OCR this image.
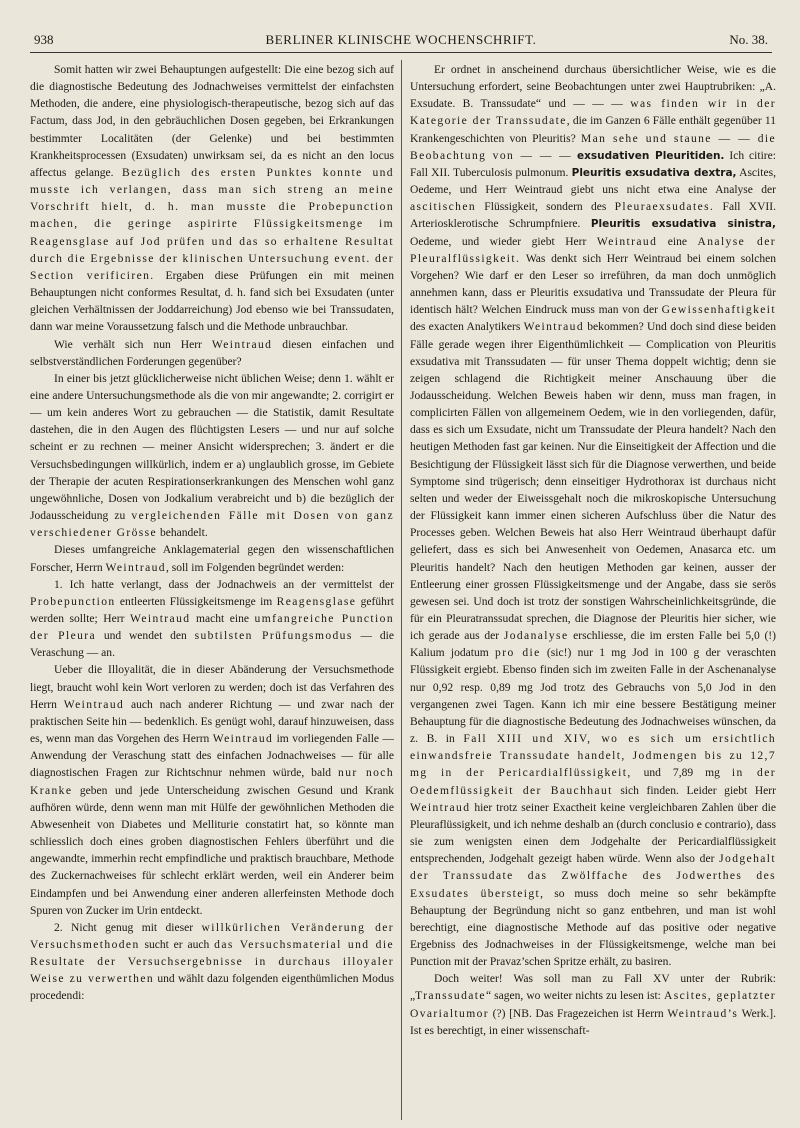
938	BERLINER KLINISCHE WOCHENSCHRIFT.	No. 38.

Somit hatten wir zwei Behauptungen aufgestellt: Die eine bezog sich auf die diagnostische Bedeutung des Jodnachweises vermittelst der einfachsten Methoden, die andere, eine physiologisch-therapeutische, bezog sich auf das Factum, dass Jod, in den gebräuchlichen Dosen gegeben, bei Erkrankungen bestimmter Localitäten (der Gelenke) und bei bestimmten Krankheitsprocessen (Exsudaten) unwirksam sei, da es nicht an den locus affectus gelange. Bezüglich des ersten Punktes konnte und musste ich verlangen, dass man sich streng an meine Vorschrift hielt, d. h. man musste die Probepunction machen, die geringe aspirirte Flüssigkeitsmenge im Reagensglase auf Jod prüfen und das so erhaltene Resultat durch die Ergebnisse der klinischen Untersuchung event. der Section verificiren. Ergaben diese Prüfungen ein mit meinen Behauptungen nicht conformes Resultat, d. h. fand sich bei Exsudaten (unter gleichen Verhältnissen der Joddarreichung) Jod ebenso wie bei Transsudaten, dann war meine Voraussetzung falsch und die Methode unbrauchbar.

Wie verhält sich nun Herr Weintraud diesen einfachen und selbstverständlichen Forderungen gegenüber?

In einer bis jetzt glücklicherweise nicht üblichen Weise; denn 1. wählt er eine andere Untersuchungsmethode als die von mir angewandte; 2. corrigirt er — um kein anderes Wort zu gebrauchen — die Statistik, damit Resultate dastehen, die in den Augen des flüchtigsten Lesers — und nur auf solche scheint er zu rechnen — meiner Ansicht widersprechen; 3. ändert er die Versuchsbedingungen willkürlich, indem er a) unglaublich grosse, im Gebiete der Therapie der acuten Respirationserkrankungen des Menschen wohl ganz ungewöhnliche, Dosen von Jodkalium verabreicht und b) die bezüglich der Jodausscheidung zu vergleichenden Fälle mit Dosen von ganz verschiedener Grösse behandelt.

Dieses umfangreiche Anklagematerial gegen den wissenschaftlichen Forscher, Herrn Weintraud, soll im Folgenden begründet werden:

1. Ich hatte verlangt, dass der Jodnachweis an der vermittelst der Probepunction entleerten Flüssigkeitsmenge im Reagensglase geführt werden sollte; Herr Weintraud macht eine umfangreiche Punction der Pleura und wendet den subtilsten Prüfungsmodus — die Veraschung — an.

Ueber die Illoyalität, die in dieser Abänderung der Versuchsmethode liegt, braucht wohl kein Wort verloren zu werden; doch ist das Verfahren des Herrn Weintraud auch nach anderer Richtung — und zwar nach der praktischen Seite hin — bedenklich. Es genügt wohl, darauf hinzuweisen, dass es, wenn man das Vorgehen des Herrn Weintraud im vorliegenden Falle — Anwendung der Veraschung statt des einfachen Jodnachweises — für alle diagnostischen Fragen zur Richtschnur nehmen würde, bald nur noch Kranke geben und jede Unterscheidung zwischen Gesund und Krank aufhören würde, denn wenn man mit Hülfe der gewöhnlichen Methoden die Abwesenheit von Diabetes und Melliturie constatirt hat, so könnte man schliesslich doch eines groben diagnostischen Fehlers überführt und die angewandte, immerhin recht empfindliche und praktisch brauchbare, Methode des Zuckernachweises für schlecht erklärt werden, weil ein Anderer beim Eindampfen und bei Anwendung einer anderen allerfeinsten Methode doch Spuren von Zucker im Urin entdeckt.

2. Nicht genug mit dieser willkürlichen Veränderung der Versuchsmethoden sucht er auch das Versuchsmaterial und die Resultate der Versuchsergebnisse in durchaus illoyaler Weise zu verwerthen und wählt dazu folgenden eigenthümlichen Modus procedendi:

Er ordnet in anscheinend durchaus übersichtlicher Weise, wie es die Untersuchung erfordert, seine Beobachtungen unter zwei Hauptrubriken: „A. Exsudate. B. Transsudate“ und — — — was finden wir in der Kategorie der Transsudate, die im Ganzen 6 Fälle enthält gegenüber 11 Krankengeschichten von Pleuritis? Man sehe und staune — — die Beobachtung von — — — exsudativen Pleuritiden. Ich citire: Fall XII. Tuberculosis pulmonum. Pleuritis exsudativa dextra, Ascites, Oedeme, und Herr Weintraud giebt uns nicht etwa eine Analyse der ascitischen Flüssigkeit, sondern des Pleuraexsudates. Fall XVII. Arteriosklerotische Schrumpfniere. Pleuritis exsudativa sinistra, Oedeme, und wieder giebt Herr Weintraud eine Analyse der Pleuralflüssigkeit. Was denkt sich Herr Weintraud bei einem solchen Vorgehen? Wie darf er den Leser so irreführen, da man doch unmöglich annehmen kann, dass er Pleuritis exsudativa und Transsudate der Pleura für identisch hält? Welchen Eindruck muss man von der Gewissenhaftigkeit des exacten Analytikers Weintraud bekommen? Und doch sind diese beiden Fälle gerade wegen ihrer Eigenthümlichkeit — Complication von Pleuritis exsudativa mit Transsudaten — für unser Thema doppelt wichtig; denn sie zeigen schlagend die Richtigkeit meiner Anschauung über die Jodausscheidung. Welchen Beweis haben wir denn, muss man fragen, in complicirten Fällen von allgemeinem Oedem, wie in den vorliegenden, dafür, dass es sich um Exsudate, nicht um Transsudate der Pleura handelt? Nach den heutigen Methoden fast gar keinen. Nur die Einseitigkeit der Affection und die Besichtigung der Flüssigkeit lässt sich für die Diagnose verwerthen, und beide Symptome sind trügerisch; denn einseitiger Hydrothorax ist durchaus nicht selten und weder der Eiweissgehalt noch die mikroskopische Untersuchung der Flüssigkeit kann immer einen sicheren Aufschluss über die Natur des Processes geben. Welchen Beweis hat also Herr Weintraud überhaupt dafür geliefert, dass es sich bei Anwesenheit von Oedemen, Anasarca etc. um Pleuritis handelt? Nach den heutigen Methoden gar keinen, ausser der Entleerung einer grossen Flüssigkeitsmenge und der Angabe, dass sie serös gewesen sei. Und doch ist trotz der sonstigen Wahrscheinlichkeitsgründe, die für ein Pleuratranssudat sprechen, die Diagnose der Pleuritis hier sicher, wie ich gerade aus der Jodanalyse erschliesse, die im ersten Falle bei 5,0 (!) Kalium jodatum pro die (sic!) nur 1 mg Jod in 100 g der veraschten Flüssigkeit ergiebt. Ebenso finden sich im zweiten Falle in der Aschenanalyse nur 0,92 resp. 0,89 mg Jod trotz des Gebrauchs von 5,0 Jod in den vergangenen zwei Tagen. Kann ich mir eine bessere Bestätigung meiner Behauptung für die diagnostische Bedeutung des Jodnachweises wünschen, da z. B. in Fall XIII und XIV, wo es sich um ersichtlich einwandsfreie Transsudate handelt, Jodmengen bis zu 12,7 mg in der Pericardialflüssigkeit, und 7,89 mg in der Oedemflüssigkeit der Bauchhaut sich finden. Leider giebt Herr Weintraud hier trotz seiner Exactheit keine vergleichbaren Zahlen über die Pleuraflüssigkeit, und ich nehme deshalb an (durch conclusio e contrario), dass sie zum wenigsten einen dem Jodgehalte der Pericardialflüssigkeit entsprechenden, Jodgehalt gezeigt haben würde. Wenn also der Jodgehalt der Transsudate das Zwölffache des Jodwerthes des Exsudates übersteigt, so muss doch meine so sehr bekämpfte Behauptung der Begründung nicht so ganz entbehren, und man ist wohl berechtigt, eine diagnostische Methode auf das positive oder negative Ergebniss des Jodnachweises in der Flüssigkeitsmenge, welche man bei Punction mit der Pravaz’schen Spritze erhält, zu basiren.

Doch weiter! Was soll man zu Fall XV unter der Rubrik: „Transsudate“ sagen, wo weiter nichts zu lesen ist: Ascites, geplatzter Ovarialtumor (?) [NB. Das Fragezeichen ist Herrn Weintraud’s Werk.]. Ist es berechtigt, in einer wissenschaft-
